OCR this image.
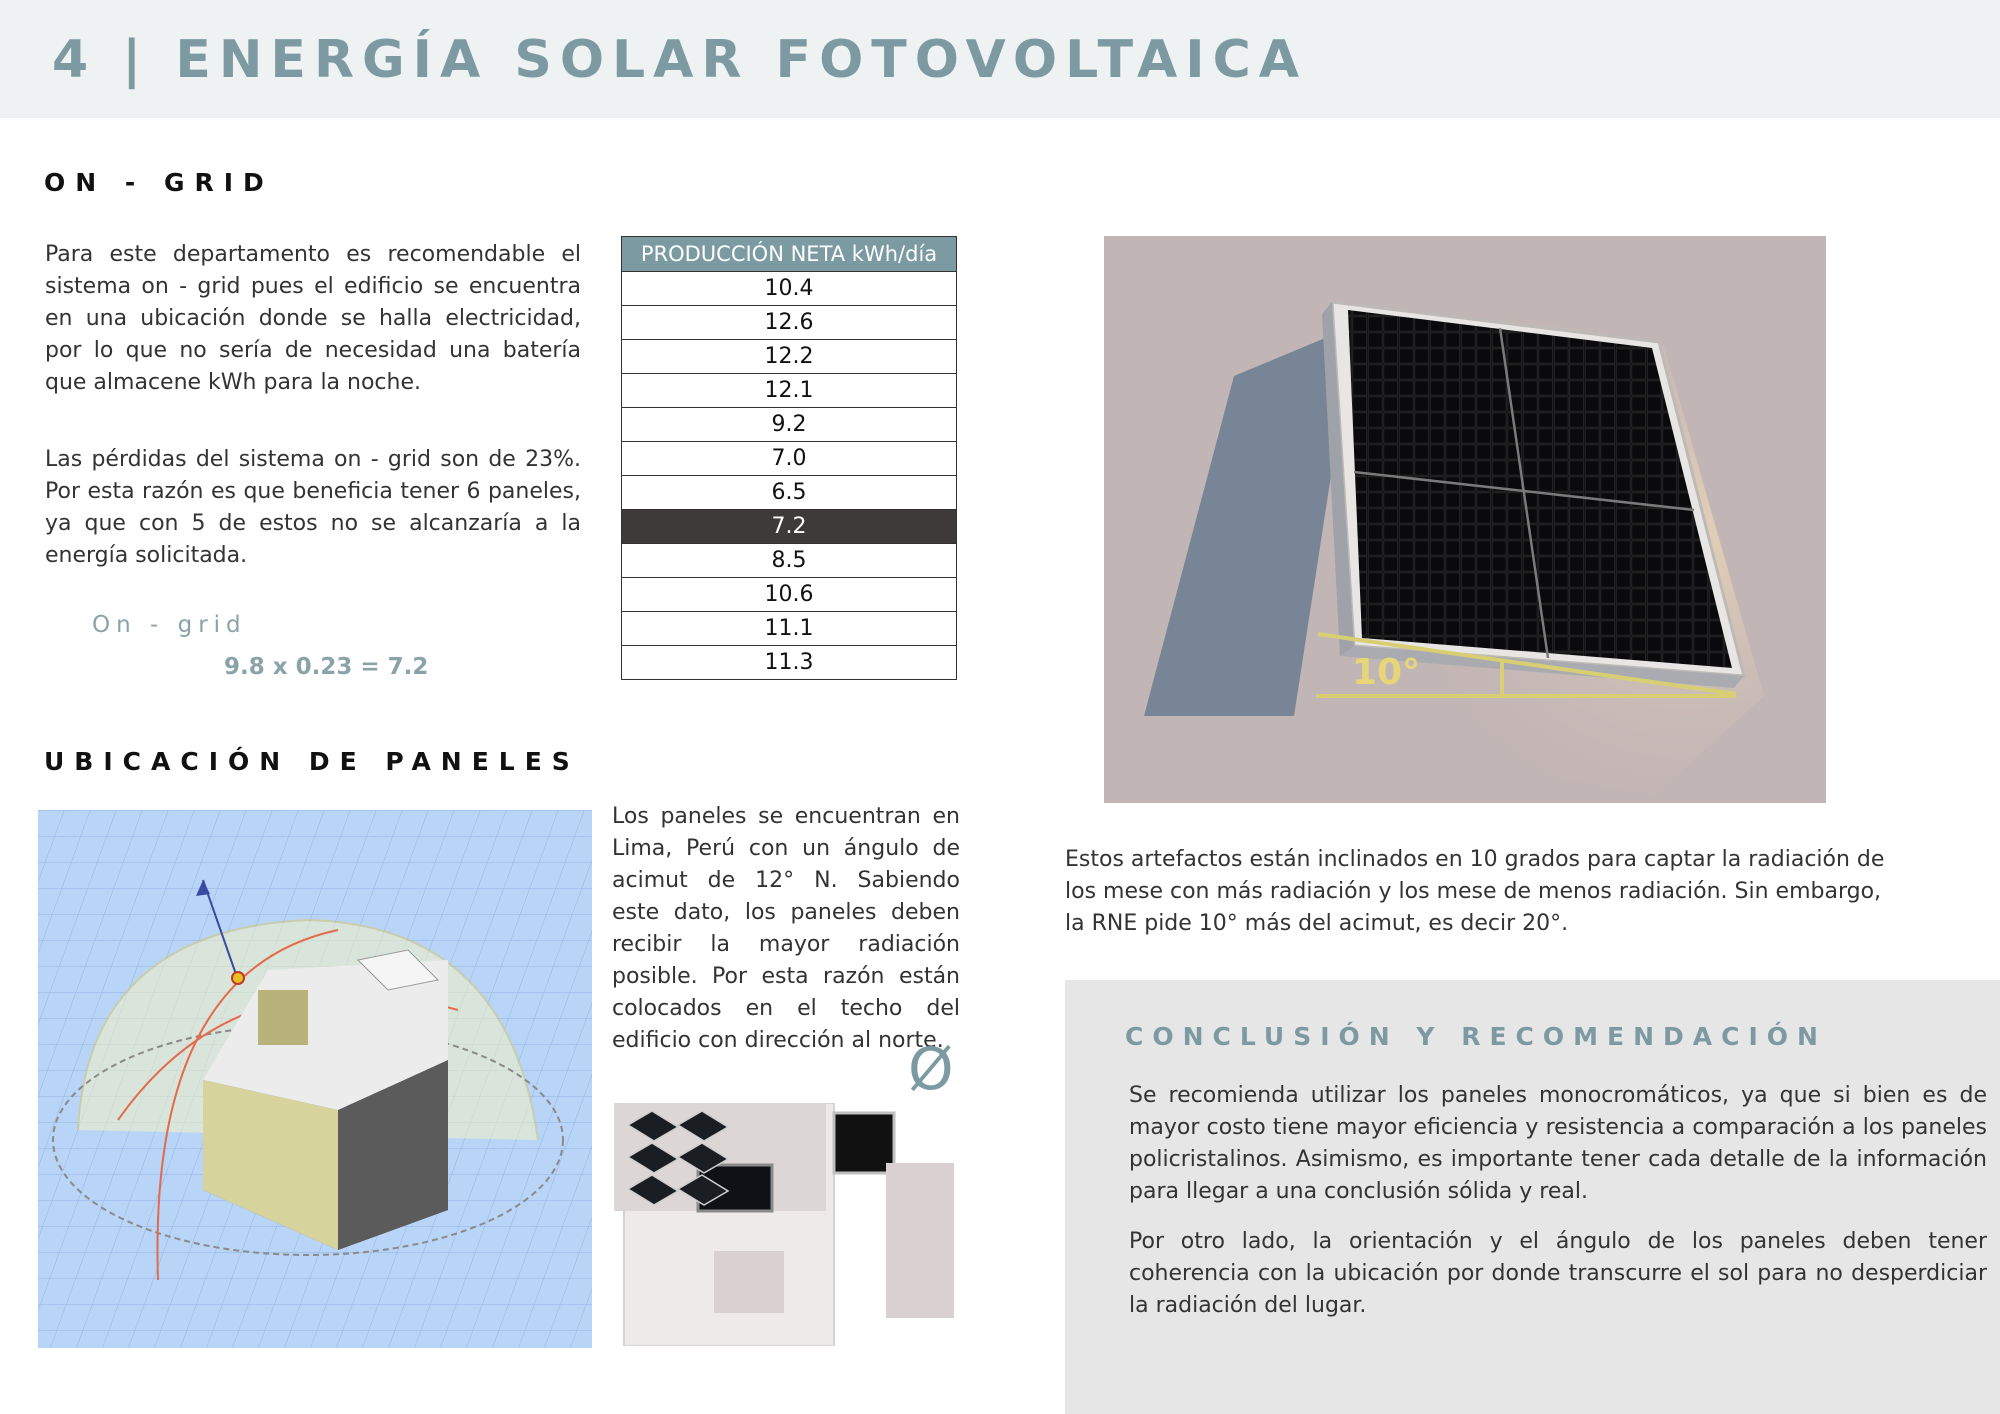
4 | ENERGÍA SOLAR FOTOVOLTAICA
ON - GRID

Para este departamento es recomendable el sistema on - grid pues el edificio se encuentra en una ubicación donde se halla electricidad, por lo que no sería de necesidad una batería que almacene kWh para la noche.

Las pérdidas del sistema on - grid son de 23%. Por esta razón es que beneficia tener 6 paneles, ya que con 5 de estos no se alcanzaría a la energía solicitada.

On - grid
9.8 x 0.23 = 7.2
PRODUCCIÓN NETA kWh/día
10.4
12.6
12.2
12.1
9.2
7.0
6.5
7.2
8.5
10.6
11.1
11.3	10°

Estos artefactos están inclinados en 10 grados para captar la radiación de los mese con más radiación y los mese de menos radiación. Sin embargo, la RNE pide 10° más del acimut, es decir 20°.

UBICACIÓN DE PANELES

Los paneles se encuentran en Lima, Perú con un ángulo de acimut de 12° N. Sabiendo este dato, los paneles deben recibir la mayor radiación posible. Por esta razón están colocados en el techo del edificio con dirección al norte.

Ø	CONCLUSIÓN Y RECOMENDACIÓN

Se recomienda utilizar los paneles monocromáticos, ya que si bien es de mayor costo tiene mayor eficiencia y resistencia a comparación a los paneles policristalinos. Asimismo, es importante tener cada detalle de la información para llegar a una conclusión sólida y real.

Por otro lado, la orientación y el ángulo de los paneles deben tener coherencia con la ubicación por donde transcurre el sol para no desperdiciar la radiación del lugar.
